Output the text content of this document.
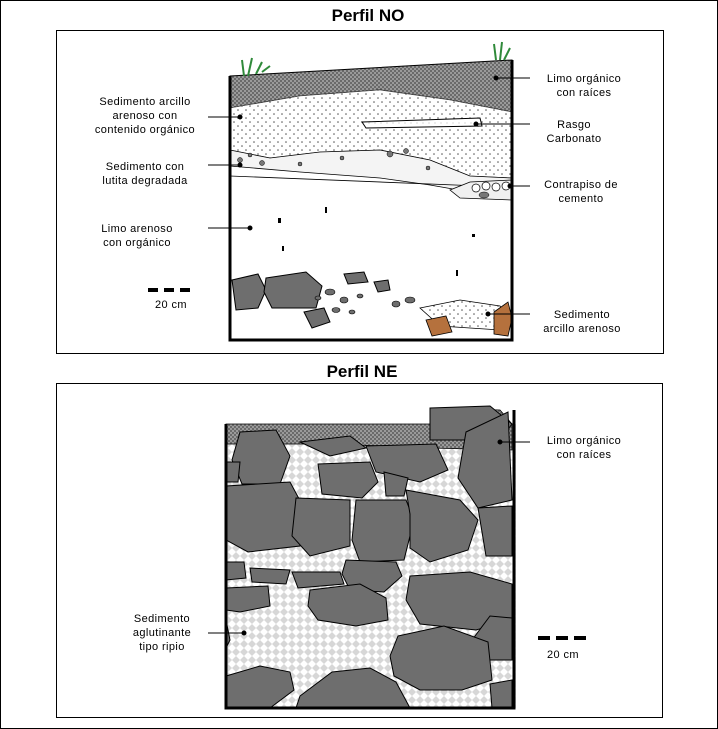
Perfil NO
Perfil NE
Sedimento arcillo
arenoso con
contenido orgánico
Sedimento con
lutita degradada
Limo arenoso
con orgánico
Limo orgánico
con raíces
Rasgo
Carbonato
Contrapiso de
cemento
Sedimento
arcillo arenoso
20 cm
Limo orgánico
con raíces
Sedimento
aglutinante
tipo ripio
20 cm
